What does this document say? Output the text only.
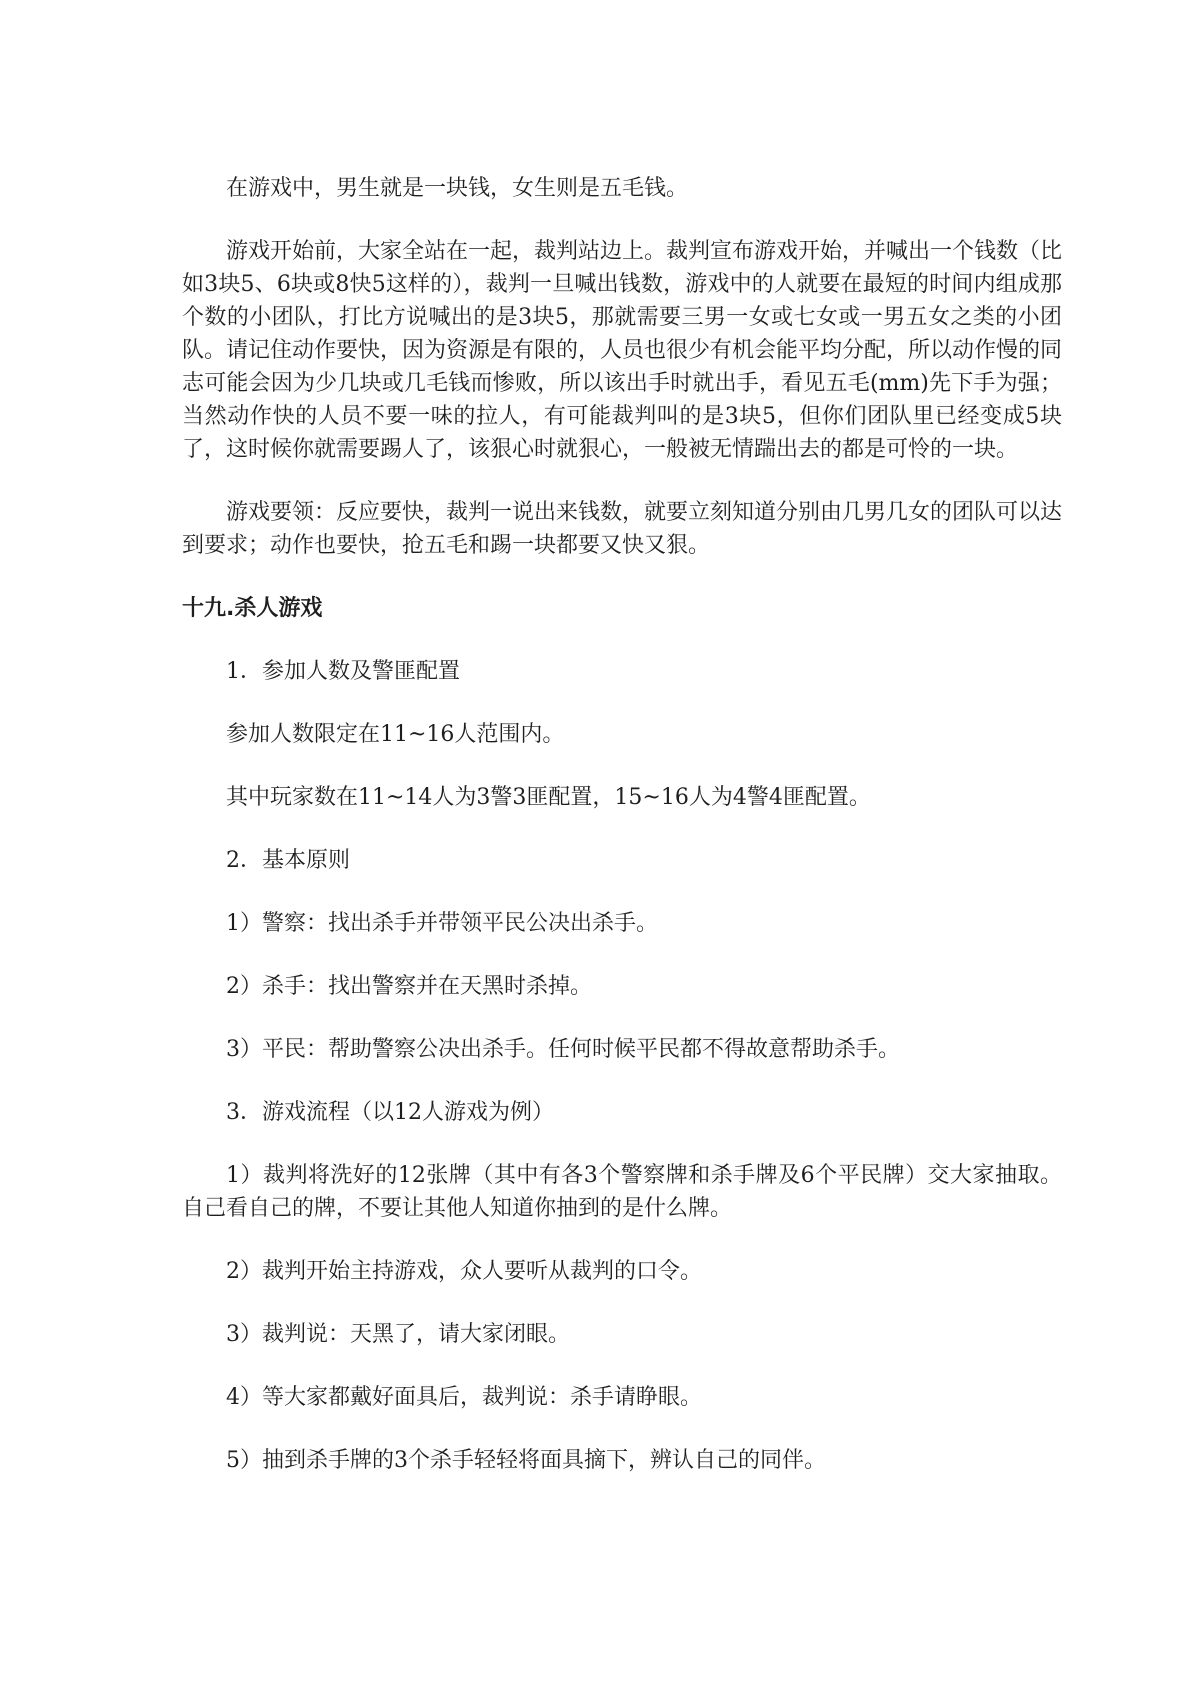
在游戏中，男生就是一块钱，女生则是五毛钱。

游戏开始前，大家全站在一起，裁判站边上。裁判宣布游戏开始，并喊出一个钱数（比如3块5、6块或8快5这样的），裁判一旦喊出钱数，游戏中的人就要在最短的时间内组成那个数的小团队，打比方说喊出的是3块5，那就需要三男一女或七女或一男五女之类的小团队。请记住动作要快，因为资源是有限的，人员也很少有机会能平均分配，所以动作慢的同志可能会因为少几块或几毛钱而惨败，所以该出手时就出手，看见五毛(mm)先下手为强；当然动作快的人员不要一味的拉人，有可能裁判叫的是3块5，但你们团队里已经变成5块了，这时候你就需要踢人了，该狠心时就狠心，一般被无情踹出去的都是可怜的一块。

游戏要领：反应要快，裁判一说出来钱数，就要立刻知道分别由几男几女的团队可以达到要求；动作也要快，抢五毛和踢一块都要又快又狠。

十九.杀人游戏

1．参加人数及警匪配置

参加人数限定在11~16人范围内。

其中玩家数在11~14人为3警3匪配置，15~16人为4警4匪配置。

2．基本原则

1）警察：找出杀手并带领平民公决出杀手。

2）杀手：找出警察并在天黑时杀掉。

3）平民：帮助警察公决出杀手。任何时候平民都不得故意帮助杀手。

3．游戏流程（以12人游戏为例）

1）裁判将洗好的12张牌（其中有各3个警察牌和杀手牌及6个平民牌）交大家抽取。自己看自己的牌，不要让其他人知道你抽到的是什么牌。

2）裁判开始主持游戏，众人要听从裁判的口令。

3）裁判说：天黑了，请大家闭眼。

4）等大家都戴好面具后，裁判说：杀手请睁眼。

5）抽到杀手牌的3个杀手轻轻将面具摘下，辨认自己的同伴。
